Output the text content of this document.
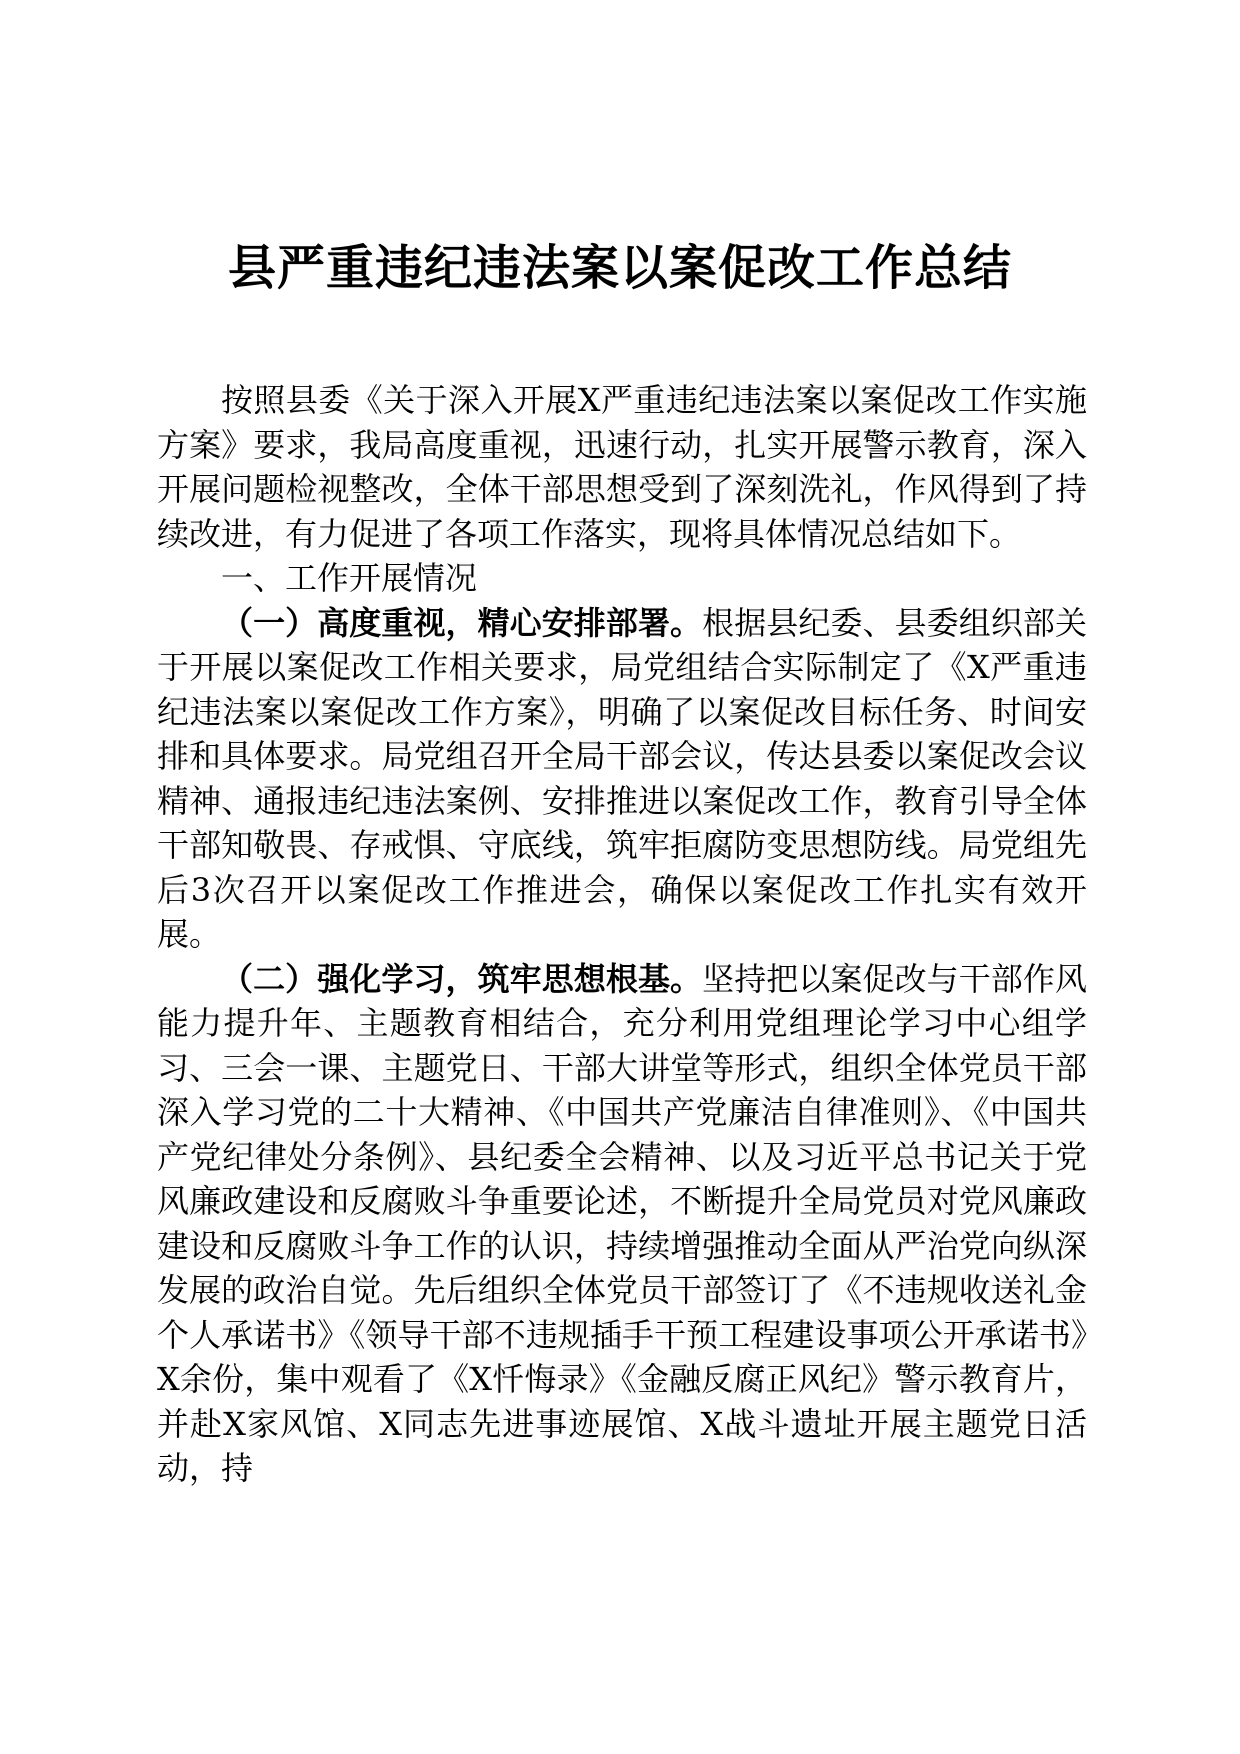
县严重违纪违法案以案促改工作总结

按照县委《关于深入开展X严重违纪违法案以案促改工作实施方案》要求，我局高度重视，迅速行动，扎实开展警示教育，深入开展问题检视整改，全体干部思想受到了深刻洗礼，作风得到了持续改进，有力促进了各项工作落实，现将具体情况总结如下。

一、工作开展情况

（一）高度重视，精心安排部署。根据县纪委、县委组织部关于开展以案促改工作相关要求，局党组结合实际制定了《X严重违纪违法案以案促改工作方案》，明确了以案促改目标任务、时间安排和具体要求。局党组召开全局干部会议，传达县委以案促改会议精神、通报违纪违法案例、安排推进以案促改工作，教育引导全体干部知敬畏、存戒惧、守底线，筑牢拒腐防变思想防线。局党组先后3次召开以案促改工作推进会，确保以案促改工作扎实有效开展。

（二）强化学习，筑牢思想根基。坚持把以案促改与干部作风能力提升年、主题教育相结合，充分利用党组理论学习中心组学习、三会一课、主题党日、干部大讲堂等形式，组织全体党员干部深入学习党的二十大精神、《中国共产党廉洁自律准则》、《中国共产党纪律处分条例》、县纪委全会精神、以及习近平总书记关于党风廉政建设和反腐败斗争重要论述，不断提升全局党员对党风廉政建设和反腐败斗争工作的认识，持续增强推动全面从严治党向纵深发展的政治自觉。先后组织全体党员干部签订了《不违规收送礼金个人承诺书》《领导干部不违规插手干预工程建设事项公开承诺书》X余份，集中观看了《X忏悔录》《金融反腐正风纪》警示教育片，并赴X家风馆、X同志先进事迹展馆、X战斗遗址开展主题党日活动，持
